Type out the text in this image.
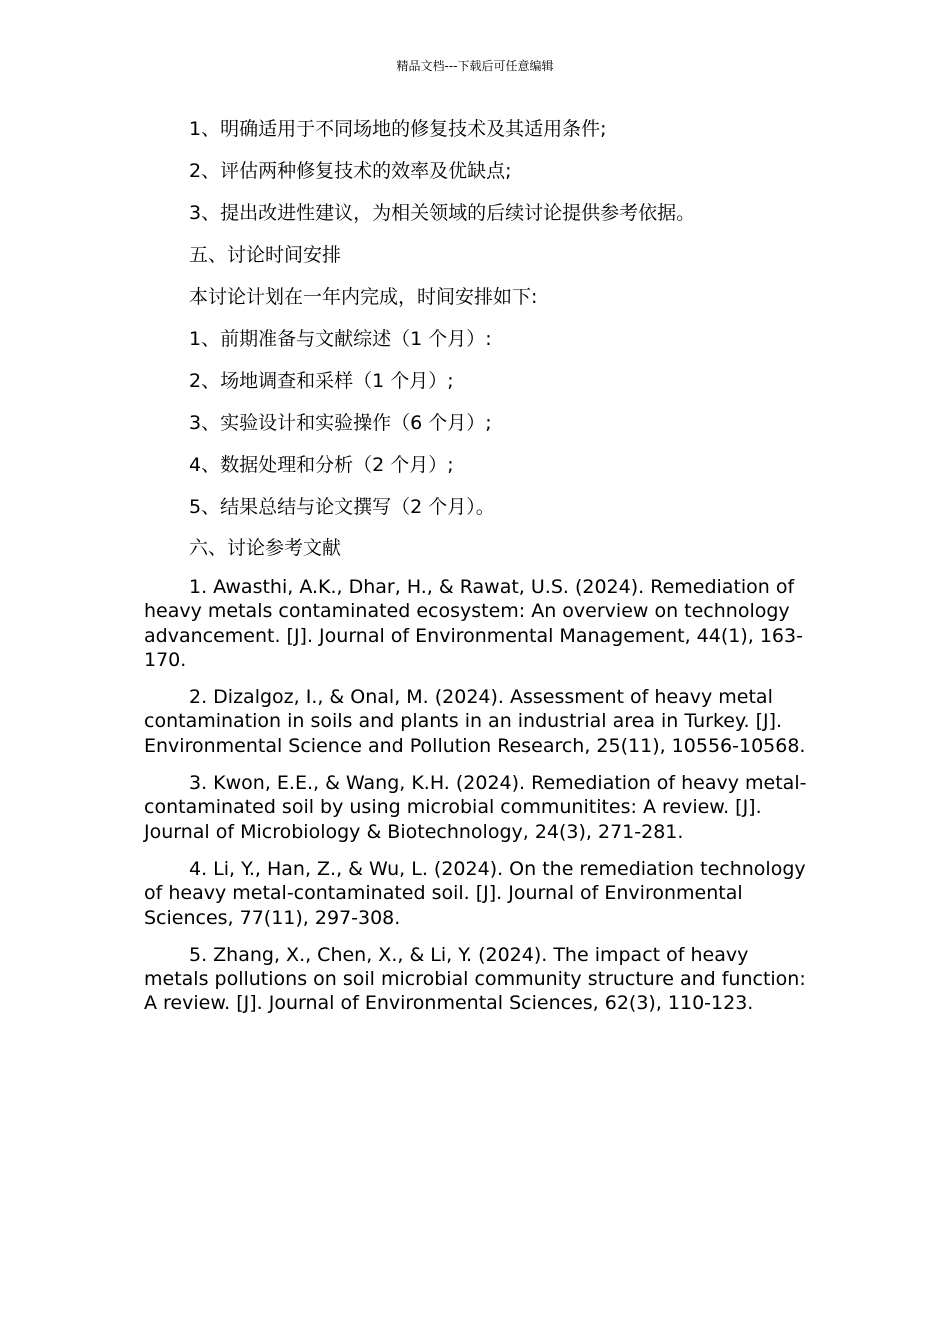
精品文档---下载后可任意编辑
1、明确适用于不同场地的修复技术及其适用条件;
2、评估两种修复技术的效率及优缺点;
3、提出改进性建议，为相关领域的后续讨论提供参考依据。
五、讨论时间安排
本讨论计划在一年内完成，时间安排如下:
1、前期准备与文献综述（1 个月）:
2、场地调查和采样（1 个月）;
3、实验设计和实验操作（6 个月）;
4、数据处理和分析（2 个月）;
5、结果总结与论文撰写（2 个月）。
六、讨论参考文献

1. Awasthi, A.K., Dhar, H., & Rawat, U.S. (2024). Remediation of heavy metals contaminated ecosystem: An overview on technology advancement. [J]. Journal of Environmental Management, 44(1), 163-170.

2. Dizalgoz, I., & Onal, M. (2024). Assessment of heavy metal contamination in soils and plants in an industrial area in Turkey. [J]. Environmental Science and Pollution Research, 25(11), 10556-10568.

3. Kwon, E.E., & Wang, K.H. (2024). Remediation of heavy metal-contaminated soil by using microbial communitites: A review. [J]. Journal of Microbiology & Biotechnology, 24(3), 271-281.

4. Li, Y., Han, Z., & Wu, L. (2024). On the remediation technology of heavy metal-contaminated soil. [J]. Journal of Environmental Sciences, 77(11), 297-308.

5. Zhang, X., Chen, X., & Li, Y. (2024). The impact of heavy metals pollutions on soil microbial community structure and function: A review. [J]. Journal of Environmental Sciences, 62(3), 110-123.
